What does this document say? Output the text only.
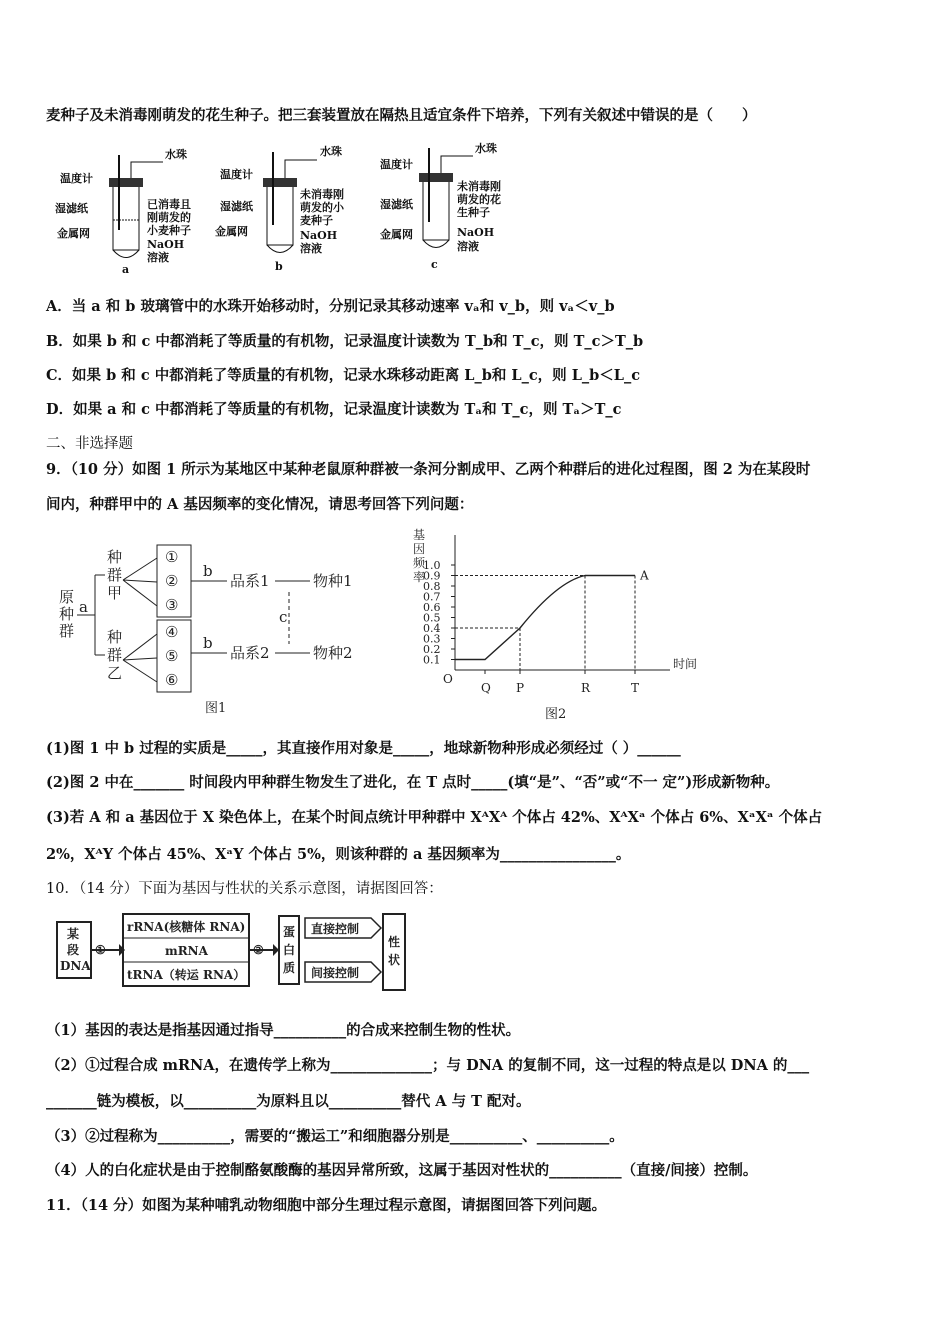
麦种子及未消毒刚萌发的花生种子。把三套装置放在隔热且适宜条件下培养，下列有关叙述中错误的是（　　）
温度计
水珠
湿滤纸
金属网
已消毒且
刚萌发的
小麦种子
NaOH
溶液
a
温度计
水珠
湿滤纸
金属网
未消毒刚
萌发的小
麦种子
NaOH
溶液
b
温度计
水珠
湿滤纸
金属网
未消毒刚
萌发的花
生种子
NaOH
溶液
c
A．当 a 和 b 玻璃管中的水珠开始移动时，分别记录其移动速率 vₐ和 v_b，则 vₐ＜v_b
B．如果 b 和 c 中都消耗了等质量的有机物，记录温度计读数为 T_b和 T_c，则 T_c＞T_b
C．如果 b 和 c 中都消耗了等质量的有机物，记录水珠移动距离 L_b和 L_c，则 L_b＜L_c
D．如果 a 和 c 中都消耗了等质量的有机物，记录温度计读数为 Tₐ和 T_c，则 Tₐ＞T_c
二、非选择题
9．（10 分）如图 1 所示为某地区中某种老鼠原种群被一条河分割成甲、乙两个种群后的进化过程图，图 2 为在某段时
间内，种群甲中的 A 基因频率的变化情况，请思考回答下列问题：
原
种
群
a
种
群
甲
种
群
乙
①
②
③
④
⑤
⑥
b
品系1	物种1
b
品系2	物种2
c
图1
基
因
频
率
时间
O
0.1
0.2
0.3
0.4
0.5
0.6
0.7
0.8
0.9
1.0
Q P	R	T
A
图2
(1)图 1 中 b 过程的实质是_____，其直接作用对象是_____，地球新物种形成必须经过（ ）______
(2)图 2 中在_______ 时间段内甲种群生物发生了进化，在 T 点时_____(填“是”、“否”或“不一 定”)形成新物种。
(3)若 A 和 a 基因位于 X 染色体上，在某个时间点统计甲种群中 XᴬXᴬ 个体占 42%、XᴬXᵃ 个体占 6%、XᵃXᵃ 个体占
2%，XᴬY 个体占 45%、XᵃY 个体占 5%，则该种群的 a 基因频率为________________。
10．（14 分）下面为基因与性状的关系示意图，请据图回答：
某
段
DNA
①
rRNA(核糖体 RNA)
mRNA
tRNA（转运 RNA）
②
蛋
白
质
直接控制
间接控制
性
状
（1）基因的表达是指基因通过指导__________的合成来控制生物的性状。
（2）①过程合成 mRNA，在遗传学上称为______________；与 DNA 的复制不同，这一过程的特点是以 DNA 的___
_______链为模板，以__________为原料且以__________替代 A 与 T 配对。
（3）②过程称为__________，需要的“搬运工”和细胞器分别是__________、__________。
（4）人的白化症状是由于控制酪氨酸酶的基因异常所致，这属于基因对性状的__________（直接/间接）控制。
11．（14 分）如图为某种哺乳动物细胞中部分生理过程示意图，请据图回答下列问题。
